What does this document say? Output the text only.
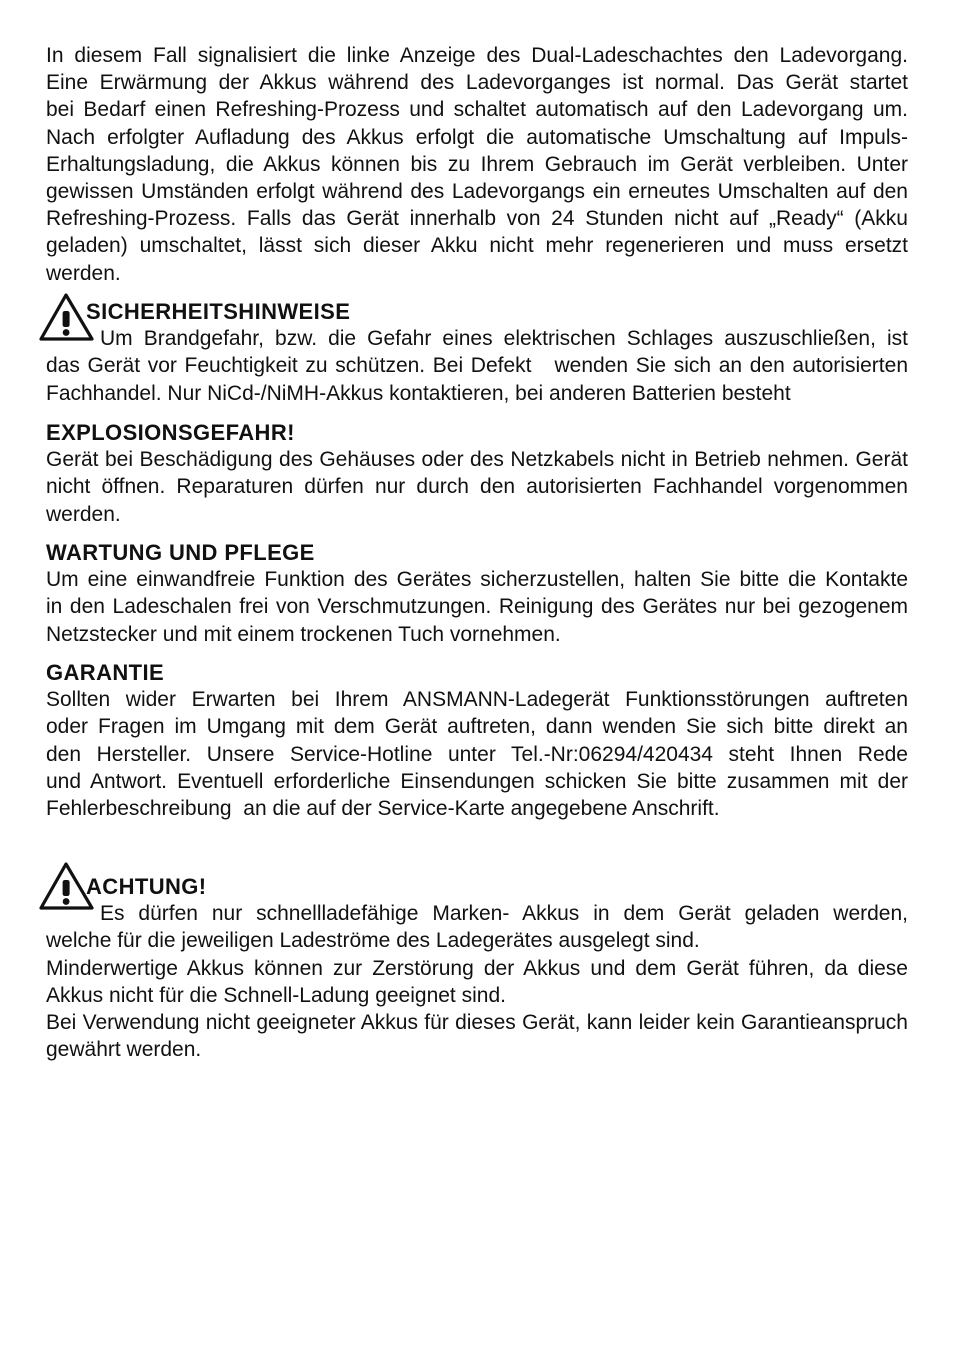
In diesem Fall signalisiert die linke Anzeige des Dual-Ladeschachtes den Ladevorgang.
Eine Erwärmung der Akkus während des Ladevorganges ist normal. Das Gerät startet
bei Bedarf einen Refreshing-Prozess und schaltet automatisch auf den Ladevorgang um.
Nach erfolgter Aufladung des Akkus erfolgt die automatische Umschaltung auf Impuls-
Erhaltungsladung, die Akkus können bis zu Ihrem Gebrauch im Gerät verbleiben. Unter
gewissen Umständen erfolgt während des Ladevorgangs ein erneutes Umschalten auf den
Refreshing-Prozess. Falls das Gerät innerhalb von 24 Stunden nicht auf „Ready“ (Akku
geladen) umschaltet, lässt sich dieser Akku nicht mehr regenerieren und muss ersetzt
werden.
SICHERHEITSHINWEISE
Um Brandgefahr, bzw. die Gefahr eines elektrischen Schlages auszuschließen, ist
das Gerät vor Feuchtigkeit zu schützen. Bei Defekt   wenden Sie sich an den autorisierten
Fachhandel. Nur NiCd-/NiMH-Akkus kontaktieren, bei anderen Batterien besteht
EXPLOSIONSGEFAHR!
Gerät bei Beschädigung des Gehäuses oder des Netzkabels nicht in Betrieb nehmen. Gerät
nicht öffnen. Reparaturen dürfen nur durch den autorisierten Fachhandel vorgenommen
werden.
WARTUNG UND PFLEGE
Um eine einwandfreie Funktion des Gerätes sicherzustellen, halten Sie bitte die Kontakte
in den Ladeschalen frei von Verschmutzungen. Reinigung des Gerätes nur bei gezogenem
Netzstecker und mit einem trockenen Tuch vornehmen.
GARANTIE
Sollten wider Erwarten bei Ihrem ANSMANN-Ladegerät Funktionsstörungen auftreten
oder Fragen im Umgang mit dem Gerät auftreten, dann wenden Sie sich bitte direkt an
den Hersteller. Unsere Service-Hotline unter Tel.-Nr:06294/420434 steht Ihnen Rede
und Antwort. Eventuell erforderliche Einsendungen schicken Sie bitte zusammen mit der
Fehlerbeschreibung  an die auf der Service-Karte angegebene Anschrift.
ACHTUNG!
Es dürfen nur schnellladefähige Marken- Akkus in dem Gerät geladen werden,
welche für die jeweiligen Ladeströme des Ladegerätes ausgelegt sind.
Minderwertige Akkus können zur Zerstörung der Akkus und dem Gerät führen, da diese
Akkus nicht für die Schnell-Ladung geeignet sind.
Bei Verwendung nicht geeigneter Akkus für dieses Gerät, kann leider kein Garantieanspruch
gewährt werden.
